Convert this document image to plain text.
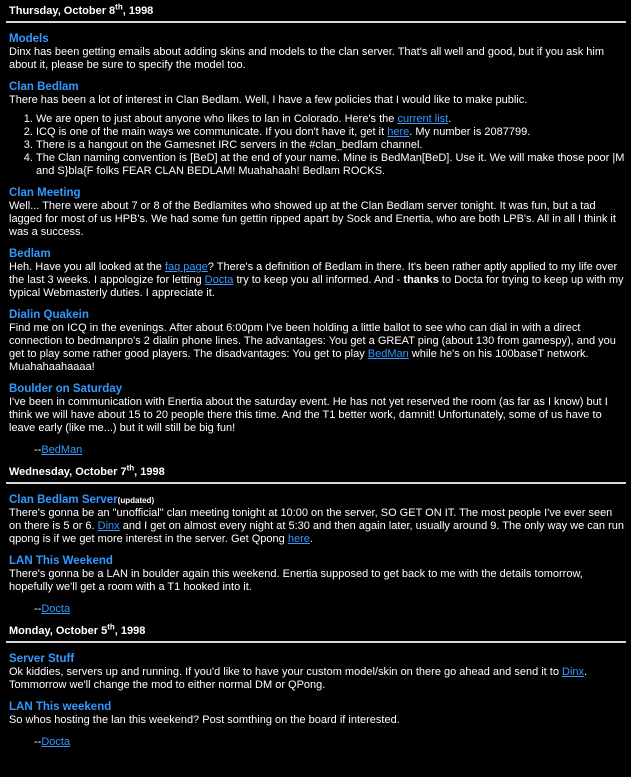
Thursday, October 8th, 1998
Models

Dinx has been getting emails about adding skins and models to the clan server. That's all well and good, but if you ask him about it, please be sure to specify the model too.

Clan Bedlam

There has been a lot of interest in Clan Bedlam. Well, I have a few policies that I would like to make public.

1. We are open to just about anyone who likes to lan in Colorado. Here's the current list.
2. ICQ is one of the main ways we communicate. If you don't have it, get it here. My number is 2087799.
3. There is a hangout on the Gamesnet IRC servers in the #clan_bedlam channel.
4. The Clan naming convention is [BeD] at the end of your name. Mine is BedMan[BeD]. Use it. We will make those poor |M and S}bla{F folks FEAR CLAN BEDLAM! Muahahaah! Bedlam ROCKS.
Clan Meeting

Well... There were about 7 or 8 of the Bedlamites who showed up at the Clan Bedlam server tonight. It was fun, but a tad lagged for most of us HPB's. We had some fun gettin ripped apart by Sock and Enertia, who are both LPB's. All in all I think it was a success.

Bedlam

Heh. Have you all looked at the faq page? There's a definition of Bedlam in there. It's been rather aptly applied to my life over the last 3 weeks. I appologize for letting Docta try to keep you all informed. And - thanks to Docta for trying to keep up with my typical Webmasterly duties. I appreciate it.

Dialin Quakein

Find me on ICQ in the evenings. After about 6:00pm I've been holding a little ballot to see who can dial in with a direct connection to bedmanpro's 2 dialin phone lines. The advantages: You get a GREAT ping (about 130 from gamespy), and you get to play some rather good players. The disadvantages: You get to play BedMan while he's on his 100baseT network. Muahahaahaaaa!

Boulder on Saturday

I've been in communication with Enertia about the saturday event. He has not yet reserved the room (as far as I know) but I think we will have about 15 to 20 people there this time. And the T1 better work, damnit! Unfortunately, some of us have to leave early (like me...) but it will still be big fun!

--BedMan
Wednesday, October 7th, 1998
Clan Bedlam Server(updated)

There's gonna be an "unofficial" clan meeting tonight at 10:00 on the server, SO GET ON IT. The most people I've ever seen on there is 5 or 6. Dinx and I get on almost every night at 5:30 and then again later, usually around 9. The only way we can run qpong is if we get more interest in the server. Get Qpong here.

LAN This Weekend

There's gonna be a LAN in boulder again this weekend. Enertia supposed to get back to me with the details tomorrow, hopefully we'll get a room with a T1 hooked into it.

--Docta
Monday, October 5th, 1998
Server Stuff

Ok kiddies, servers up and running. If you'd like to have your custom model/skin on there go ahead and send it to Dinx. Tommorrow we'll change the mod to either normal DM or QPong.

LAN This weekend

So whos hosting the lan this weekend? Post somthing on the board if interested.

--Docta
